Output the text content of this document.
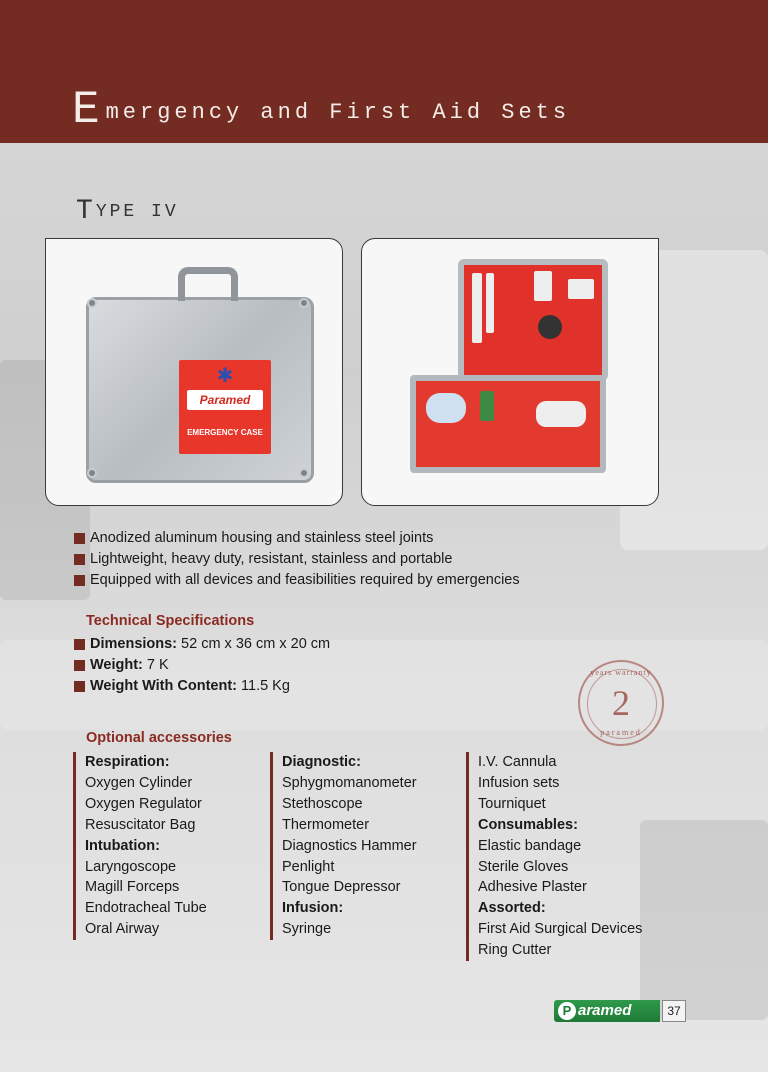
Emergency and First Aid Sets
TYPE IV
✱
Paramed
EMERGENCY CASE
Anodized aluminum housing and stainless steel joints
Lightweight, heavy duty, resistant, stainless and portable
Equipped with all devices and feasibilities required by emergencies
Technical Specifications
Dimensions: 52 cm x 36 cm x 20 cm
Weight: 7 K
Weight With Content: 11.5 Kg
years warranty
2
paramed
Optional accessories
Respiration:
Oxygen Cylinder
Oxygen Regulator
Resuscitator Bag
Intubation:
Laryngoscope
Magill Forceps
Endotracheal Tube
Oral Airway
Diagnostic:
Sphygmomanometer
Stethoscope
Thermometer
Diagnostics Hammer
Penlight
Tongue Depressor
Infusion:
Syringe
I.V. Cannula
Infusion sets
Tourniquet
Consumables:
Elastic bandage
Sterile Gloves
Adhesive Plaster
Assorted:
First Aid Surgical Devices
Ring Cutter
P aramed	37
